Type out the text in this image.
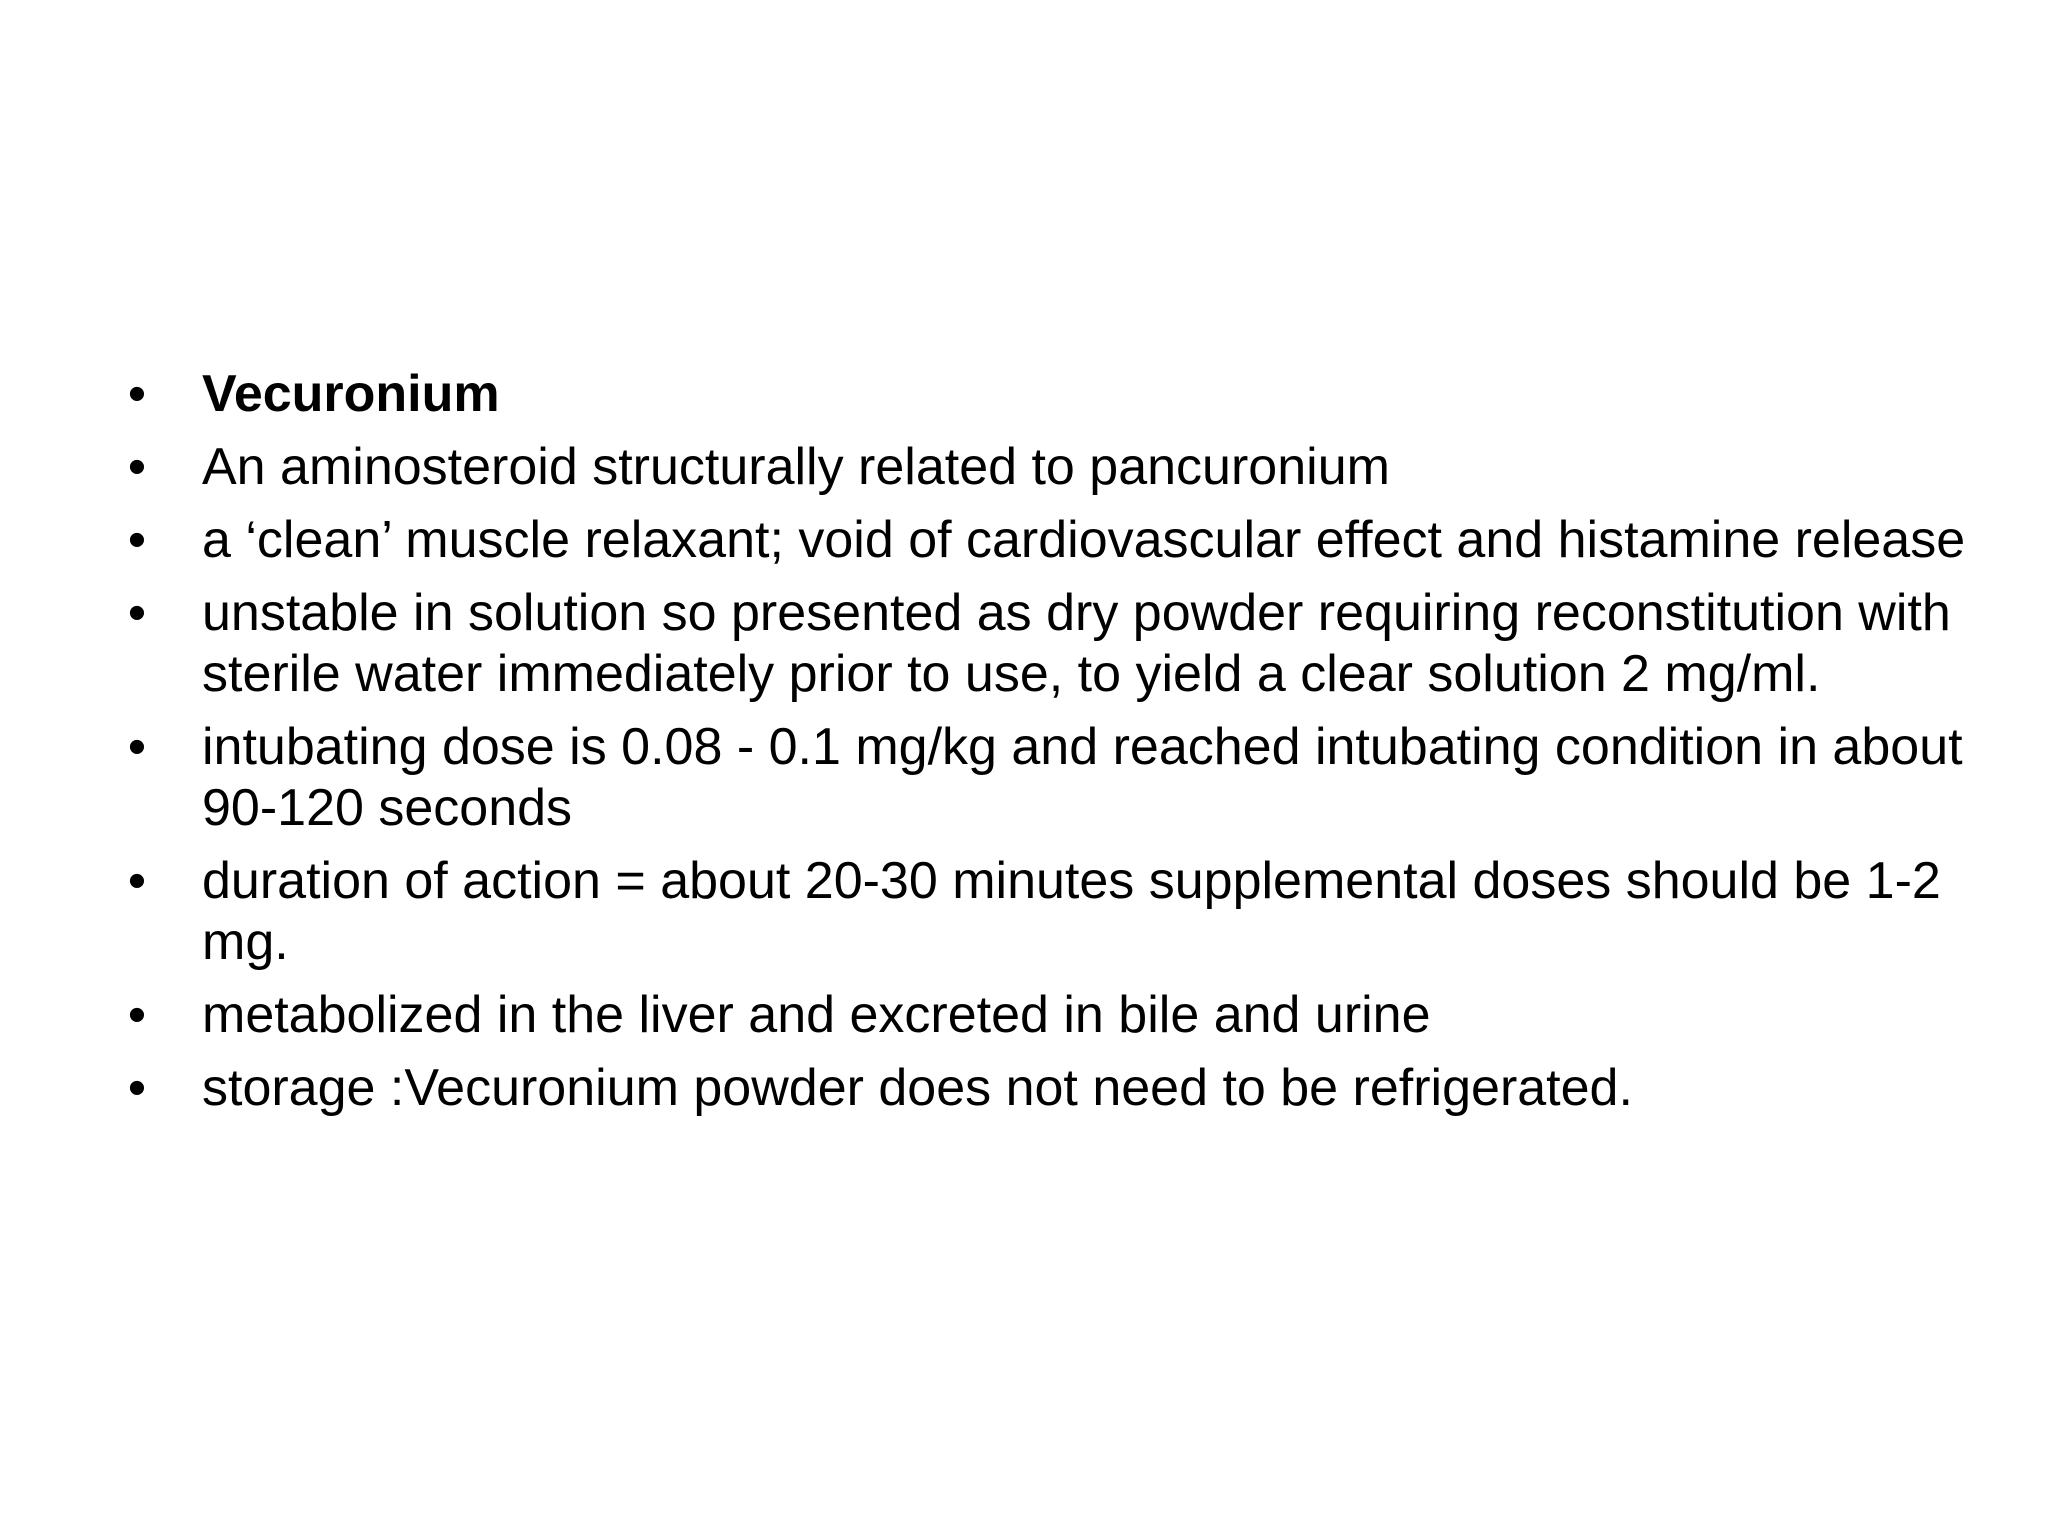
• Vecuronium
• An aminosteroid structurally related to pancuronium
• a ‘clean’ muscle relaxant; void of cardiovascular effect and histamine release
• unstable in solution so presented as dry powder requiring reconstitution with sterile water immediately prior to use, to yield a clear solution 2 mg/ml.
• intubating dose is 0.08 - 0.1 mg/kg and reached intubating condition in about 90-120 seconds
• duration of action = about 20-30 minutes supplemental doses should be 1-2 mg.
• metabolized in the liver and excreted in bile and urine
• storage :Vecuronium powder does not need to be refrigerated.
